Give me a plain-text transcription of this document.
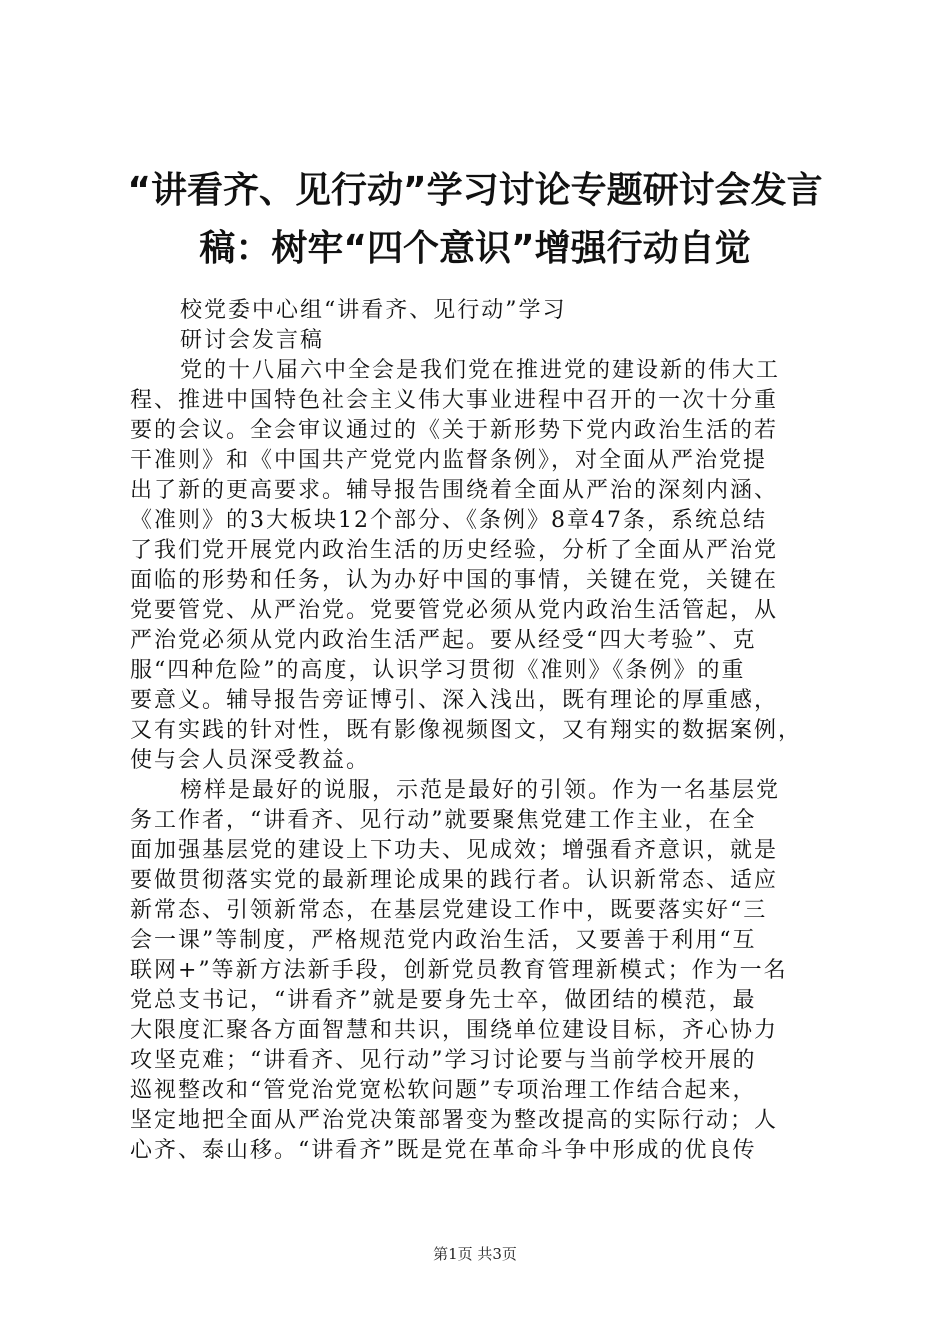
“讲看齐、见行动”学习讨论专题研讨会发言
稿：树牢“四个意识”增强行动自觉
校党委中心组“讲看齐、见行动”学习
研讨会发言稿
党的十八届六中全会是我们党在推进党的建设新的伟大工
程、推进中国特色社会主义伟大事业进程中召开的一次十分重
要的会议。全会审议通过的《关于新形势下党内政治生活的若
干准则》和《中国共产党党内监督条例》，对全面从严治党提
出了新的更高要求。辅导报告围绕着全面从严治的深刻内涵、
《准则》的3大板块12个部分、《条例》8章47条，系统总结
了我们党开展党内政治生活的历史经验，分析了全面从严治党
面临的形势和任务，认为办好中国的事情，关键在党，关键在
党要管党、从严治党。党要管党必须从党内政治生活管起，从
严治党必须从党内政治生活严起。要从经受“四大考验”、克
服“四种危险”的高度，认识学习贯彻《准则》《条例》的重
要意义。辅导报告旁证博引、深入浅出，既有理论的厚重感，
又有实践的针对性，既有影像视频图文，又有翔实的数据案例，
使与会人员深受教益。
榜样是最好的说服，示范是最好的引领。作为一名基层党
务工作者，“讲看齐、见行动”就要聚焦党建工作主业，在全
面加强基层党的建设上下功夫、见成效；增强看齐意识，就是
要做贯彻落实党的最新理论成果的践行者。认识新常态、适应
新常态、引领新常态，在基层党建设工作中，既要落实好“三
会一课”等制度，严格规范党内政治生活，又要善于利用“互
联网+”等新方法新手段，创新党员教育管理新模式；作为一名
党总支书记，“讲看齐”就是要身先士卒，做团结的模范，最
大限度汇聚各方面智慧和共识，围绕单位建设目标，齐心协力
攻坚克难；“讲看齐、见行动”学习讨论要与当前学校开展的
巡视整改和“管党治党宽松软问题”专项治理工作结合起来，
坚定地把全面从严治党决策部署变为整改提高的实际行动；人
心齐、泰山移。“讲看齐”既是党在革命斗争中形成的优良传
第1页 共3页
